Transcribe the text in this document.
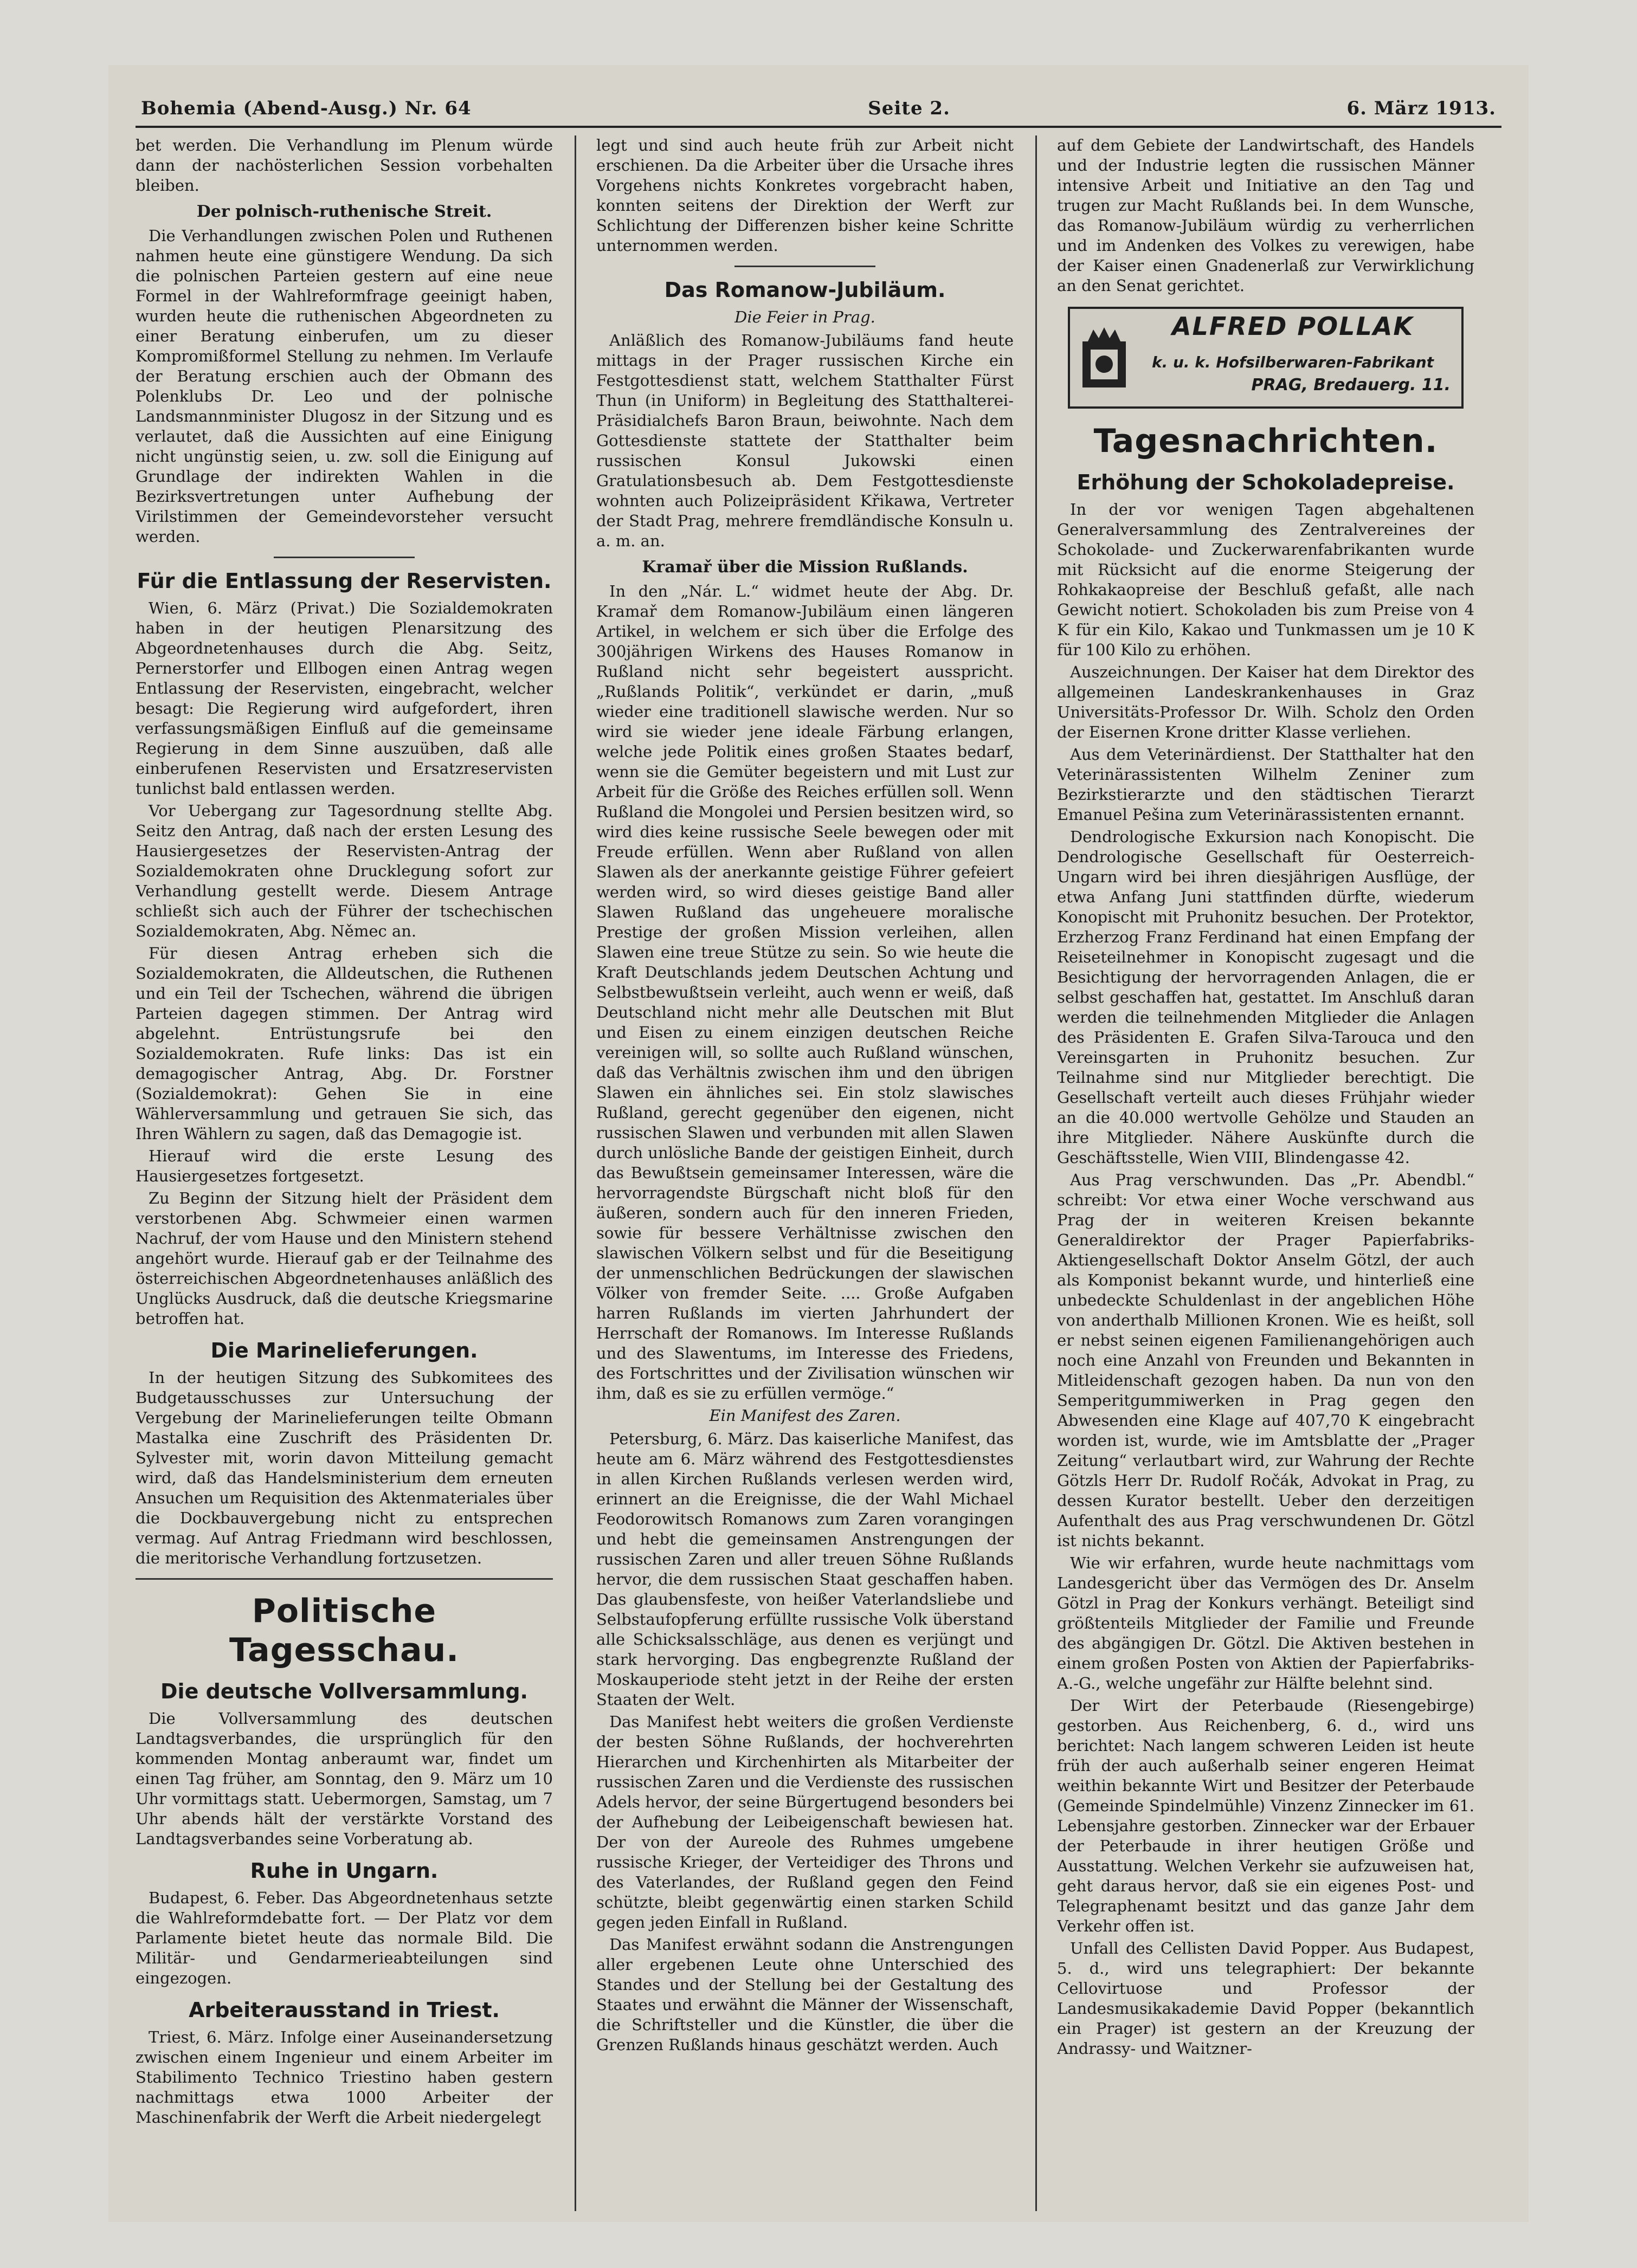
Bohemia (Abend-Ausg.) Nr. 64	Seite 2.	6. März 1913.

bet werden. Die Verhandlung im Plenum würde dann der nachösterlichen Session vorbehalten bleiben.

Der polnisch-ruthenische Streit.

Die Verhandlungen zwischen Polen und Ruthenen nahmen heute eine günstigere Wendung. Da sich die polnischen Parteien gestern auf eine neue Formel in der Wahlreformfrage geeinigt haben, wurden heute die ruthenischen Abgeordneten zu einer Beratung einberufen, um zu dieser Kompromißformel Stellung zu nehmen. Im Verlaufe der Beratung erschien auch der Obmann des Polenklubs Dr. Leo und der polnische Landsmannminister Dlugosz in der Sitzung und es verlautet, daß die Aussichten auf eine Einigung nicht ungünstig seien, u. zw. soll die Einigung auf Grundlage der indirekten Wahlen in die Bezirksvertretungen unter Aufhebung der Virilstimmen der Gemeindevorsteher versucht werden.

Für die Entlassung der Reservisten.

Wien, 6. März (Privat.) Die Sozialdemokraten haben in der heutigen Plenarsitzung des Abgeordnetenhauses durch die Abg. Seitz, Pernerstorfer und Ellbogen einen Antrag wegen Entlassung der Reservisten, eingebracht, welcher besagt: Die Regierung wird aufgefordert, ihren verfassungsmäßigen Einfluß auf die gemeinsame Regierung in dem Sinne auszuüben, daß alle einberufenen Reservisten und Ersatzreservisten tunlichst bald entlassen werden.

Vor Uebergang zur Tagesordnung stellte Abg. Seitz den Antrag, daß nach der ersten Lesung des Hausiergesetzes der Reservisten-Antrag der Sozialdemokraten ohne Drucklegung sofort zur Verhandlung gestellt werde. Diesem Antrage schließt sich auch der Führer der tschechischen Sozialdemokraten, Abg. Němec an.

Für diesen Antrag erheben sich die Sozialdemokraten, die Alldeutschen, die Ruthenen und ein Teil der Tschechen, während die übrigen Parteien dagegen stimmen. Der Antrag wird abgelehnt. Entrüstungsrufe bei den Sozialdemokraten. Rufe links: Das ist ein demagogischer Antrag, Abg. Dr. Forstner (Sozialdemokrat): Gehen Sie in eine Wählerversammlung und getrauen Sie sich, das Ihren Wählern zu sagen, daß das Demagogie ist.

Hierauf wird die erste Lesung des Hausiergesetzes fortgesetzt.

Zu Beginn der Sitzung hielt der Präsident dem verstorbenen Abg. Schwmeier einen warmen Nachruf, der vom Hause und den Ministern stehend angehört wurde. Hierauf gab er der Teilnahme des österreichischen Abgeordnetenhauses anläßlich des Unglücks Ausdruck, daß die deutsche Kriegsmarine betroffen hat.

Die Marinelieferungen.

In der heutigen Sitzung des Subkomitees des Budgetausschusses zur Untersuchung der Vergebung der Marinelieferungen teilte Obmann Mastalka eine Zuschrift des Präsidenten Dr. Sylvester mit, worin davon Mitteilung gemacht wird, daß das Handelsministerium dem erneuten Ansuchen um Requisition des Aktenmateriales über die Dockbauvergebung nicht zu entsprechen vermag. Auf Antrag Friedmann wird beschlossen, die meritorische Verhandlung fortzusetzen.

Politische Tagesschau.
Die deutsche Vollversammlung.

Die Vollversammlung des deutschen Landtagsverbandes, die ursprünglich für den kommenden Montag anberaumt war, findet um einen Tag früher, am Sonntag, den 9. März um 10 Uhr vormittags statt. Uebermorgen, Samstag, um 7 Uhr abends hält der verstärkte Vorstand des Landtagsverbandes seine Vorberatung ab.

Ruhe in Ungarn.

Budapest, 6. Feber. Das Abgeordnetenhaus setzte die Wahlreformdebatte fort. — Der Platz vor dem Parlamente bietet heute das normale Bild. Die Militär- und Gendarmerieabteilungen sind eingezogen.

Arbeiterausstand in Triest.

Triest, 6. März. Infolge einer Auseinandersetzung zwischen einem Ingenieur und einem Arbeiter im Stabilimento Technico Triestino haben gestern nachmittags etwa 1000 Arbeiter der Maschinenfabrik der Werft die Arbeit niedergelegt

legt und sind auch heute früh zur Arbeit nicht erschienen. Da die Arbeiter über die Ursache ihres Vorgehens nichts Konkretes vorgebracht haben, konnten seitens der Direktion der Werft zur Schlichtung der Differenzen bisher keine Schritte unternommen werden.

Das Romanow-Jubiläum.
Die Feier in Prag.

Anläßlich des Romanow-Jubiläums fand heute mittags in der Prager russischen Kirche ein Festgottesdienst statt, welchem Statthalter Fürst Thun (in Uniform) in Begleitung des Statthalterei-Präsidialchefs Baron Braun, beiwohnte. Nach dem Gottesdienste stattete der Statthalter beim russischen Konsul Jukowski einen Gratulationsbesuch ab. Dem Festgottesdienste wohnten auch Polizeipräsident Křikawa, Vertreter der Stadt Prag, mehrere fremdländische Konsuln u. a. m. an.

Kramař über die Mission Rußlands.

In den „Nár. L.“ widmet heute der Abg. Dr. Kramař dem Romanow-Jubiläum einen längeren Artikel, in welchem er sich über die Erfolge des 300jährigen Wirkens des Hauses Romanow in Rußland nicht sehr begeistert ausspricht. „Rußlands Politik“, verkündet er darin, „muß wieder eine traditionell slawische werden. Nur so wird sie wieder jene ideale Färbung erlangen, welche jede Politik eines großen Staates bedarf, wenn sie die Gemüter begeistern und mit Lust zur Arbeit für die Größe des Reiches erfüllen soll. Wenn Rußland die Mongolei und Persien besitzen wird, so wird dies keine russische Seele bewegen oder mit Freude erfüllen. Wenn aber Rußland von allen Slawen als der anerkannte geistige Führer gefeiert werden wird, so wird dieses geistige Band aller Slawen Rußland das ungeheuere moralische Prestige der großen Mission verleihen, allen Slawen eine treue Stütze zu sein. So wie heute die Kraft Deutschlands jedem Deutschen Achtung und Selbstbewußtsein verleiht, auch wenn er weiß, daß Deutschland nicht mehr alle Deutschen mit Blut und Eisen zu einem einzigen deutschen Reiche vereinigen will, so sollte auch Rußland wünschen, daß das Verhältnis zwischen ihm und den übrigen Slawen ein ähnliches sei. Ein stolz slawisches Rußland, gerecht gegenüber den eigenen, nicht russischen Slawen und verbunden mit allen Slawen durch unlösliche Bande der geistigen Einheit, durch das Bewußtsein gemeinsamer Interessen, wäre die hervorragendste Bürgschaft nicht bloß für den äußeren, sondern auch für den inneren Frieden, sowie für bessere Verhältnisse zwischen den slawischen Völkern selbst und für die Beseitigung der unmenschlichen Bedrückungen der slawischen Völker von fremder Seite. .... Große Aufgaben harren Rußlands im vierten Jahrhundert der Herrschaft der Romanows. Im Interesse Rußlands und des Slawentums, im Interesse des Friedens, des Fortschrittes und der Zivilisation wünschen wir ihm, daß es sie zu erfüllen vermöge.“

Ein Manifest des Zaren.

Petersburg, 6. März. Das kaiserliche Manifest, das heute am 6. März während des Festgottesdienstes in allen Kirchen Rußlands verlesen werden wird, erinnert an die Ereignisse, die der Wahl Michael Feodorowitsch Romanows zum Zaren vorangingen und hebt die gemeinsamen Anstrengungen der russischen Zaren und aller treuen Söhne Rußlands hervor, die dem russischen Staat geschaffen haben. Das glaubensfeste, von heißer Vaterlandsliebe und Selbstaufopferung erfüllte russische Volk überstand alle Schicksalsschläge, aus denen es verjüngt und stark hervorging. Das engbegrenzte Rußland der Moskauperiode steht jetzt in der Reihe der ersten Staaten der Welt.

Das Manifest hebt weiters die großen Verdienste der besten Söhne Rußlands, der hochverehrten Hierarchen und Kirchenhirten als Mitarbeiter der russischen Zaren und die Verdienste des russischen Adels hervor, der seine Bürgertugend besonders bei der Aufhebung der Leibeigenschaft bewiesen hat. Der von der Aureole des Ruhmes umgebene russische Krieger, der Verteidiger des Throns und des Vaterlandes, der Rußland gegen den Feind schützte, bleibt gegenwärtig einen starken Schild gegen jeden Einfall in Rußland.

Das Manifest erwähnt sodann die Anstrengungen aller ergebenen Leute ohne Unterschied des Standes und der Stellung bei der Gestaltung des Staates und erwähnt die Männer der Wissenschaft, die Schriftsteller und die Künstler, die über die Grenzen Rußlands hinaus geschätzt werden. Auch

auf dem Gebiete der Landwirtschaft, des Handels und der Industrie legten die russischen Männer intensive Arbeit und Initiative an den Tag und trugen zur Macht Rußlands bei. In dem Wunsche, das Romanow-Jubiläum würdig zu verherrlichen und im Andenken des Volkes zu verewigen, habe der Kaiser einen Gnadenerlaß zur Verwirklichung an den Senat gerichtet.

ALFRED POLLAK
k. u. k. Hofsilberwaren-Fabrikant
PRAG, Bredauerg. 11.
Tagesnachrichten.
Erhöhung der Schokoladepreise.

In der vor wenigen Tagen abgehaltenen Generalversammlung des Zentralvereines der Schokolade- und Zuckerwarenfabrikanten wurde mit Rücksicht auf die enorme Steigerung der Rohkakaopreise der Beschluß gefaßt, alle nach Gewicht notiert. Schokoladen bis zum Preise von 4 K für ein Kilo, Kakao und Tunkmassen um je 10 K für 100 Kilo zu erhöhen.

Auszeichnungen. Der Kaiser hat dem Direktor des allgemeinen Landeskrankenhauses in Graz Universitäts-Professor Dr. Wilh. Scholz den Orden der Eisernen Krone dritter Klasse verliehen.

Aus dem Veterinärdienst. Der Statthalter hat den Veterinärassistenten Wilhelm Zeniner zum Bezirkstierarzte und den städtischen Tierarzt Emanuel Pešina zum Veterinärassistenten ernannt.

Dendrologische Exkursion nach Konopischt. Die Dendrologische Gesellschaft für Oesterreich-Ungarn wird bei ihren diesjährigen Ausflüge, der etwa Anfang Juni stattfinden dürfte, wiederum Konopischt mit Pruhonitz besuchen. Der Protektor, Erzherzog Franz Ferdinand hat einen Empfang der Reiseteilnehmer in Konopischt zugesagt und die Besichtigung der hervorragenden Anlagen, die er selbst geschaffen hat, gestattet. Im Anschluß daran werden die teilnehmenden Mitglieder die Anlagen des Präsidenten E. Grafen Silva-Tarouca und den Vereinsgarten in Pruhonitz besuchen. Zur Teilnahme sind nur Mitglieder berechtigt. Die Gesellschaft verteilt auch dieses Frühjahr wieder an die 40.000 wertvolle Gehölze und Stauden an ihre Mitglieder. Nähere Auskünfte durch die Geschäftsstelle, Wien VIII, Blindengasse 42.

Aus Prag verschwunden. Das „Pr. Abendbl.“ schreibt: Vor etwa einer Woche verschwand aus Prag der in weiteren Kreisen bekannte Generaldirektor der Prager Papierfabriks-Aktiengesellschaft Doktor Anselm Götzl, der auch als Komponist bekannt wurde, und hinterließ eine unbedeckte Schuldenlast in der angeblichen Höhe von anderthalb Millionen Kronen. Wie es heißt, soll er nebst seinen eigenen Familienangehörigen auch noch eine Anzahl von Freunden und Bekannten in Mitleidenschaft gezogen haben. Da nun von den Semperitgummiwerken in Prag gegen den Abwesenden eine Klage auf 407,70 K eingebracht worden ist, wurde, wie im Amtsblatte der „Prager Zeitung“ verlautbart wird, zur Wahrung der Rechte Götzls Herr Dr. Rudolf Ročák, Advokat in Prag, zu dessen Kurator bestellt. Ueber den derzeitigen Aufenthalt des aus Prag verschwundenen Dr. Götzl ist nichts bekannt.

Wie wir erfahren, wurde heute nachmittags vom Landesgericht über das Vermögen des Dr. Anselm Götzl in Prag der Konkurs verhängt. Beteiligt sind größtenteils Mitglieder der Familie und Freunde des abgängigen Dr. Götzl. Die Aktiven bestehen in einem großen Posten von Aktien der Papierfabriks-A.-G., welche ungefähr zur Hälfte belehnt sind.

Der Wirt der Peterbaude (Riesengebirge) gestorben. Aus Reichenberg, 6. d., wird uns berichtet: Nach langem schweren Leiden ist heute früh der auch außerhalb seiner engeren Heimat weithin bekannte Wirt und Besitzer der Peterbaude (Gemeinde Spindelmühle) Vinzenz Zinnecker im 61. Lebensjahre gestorben. Zinnecker war der Erbauer der Peterbaude in ihrer heutigen Größe und Ausstattung. Welchen Verkehr sie aufzuweisen hat, geht daraus hervor, daß sie ein eigenes Post- und Telegraphenamt besitzt und das ganze Jahr dem Verkehr offen ist.

Unfall des Cellisten David Popper. Aus Budapest, 5. d., wird uns telegraphiert: Der bekannte Cellovirtuose und Professor der Landesmusikakademie David Popper (bekanntlich ein Prager) ist gestern an der Kreuzung der Andrassy- und Waitzner-
